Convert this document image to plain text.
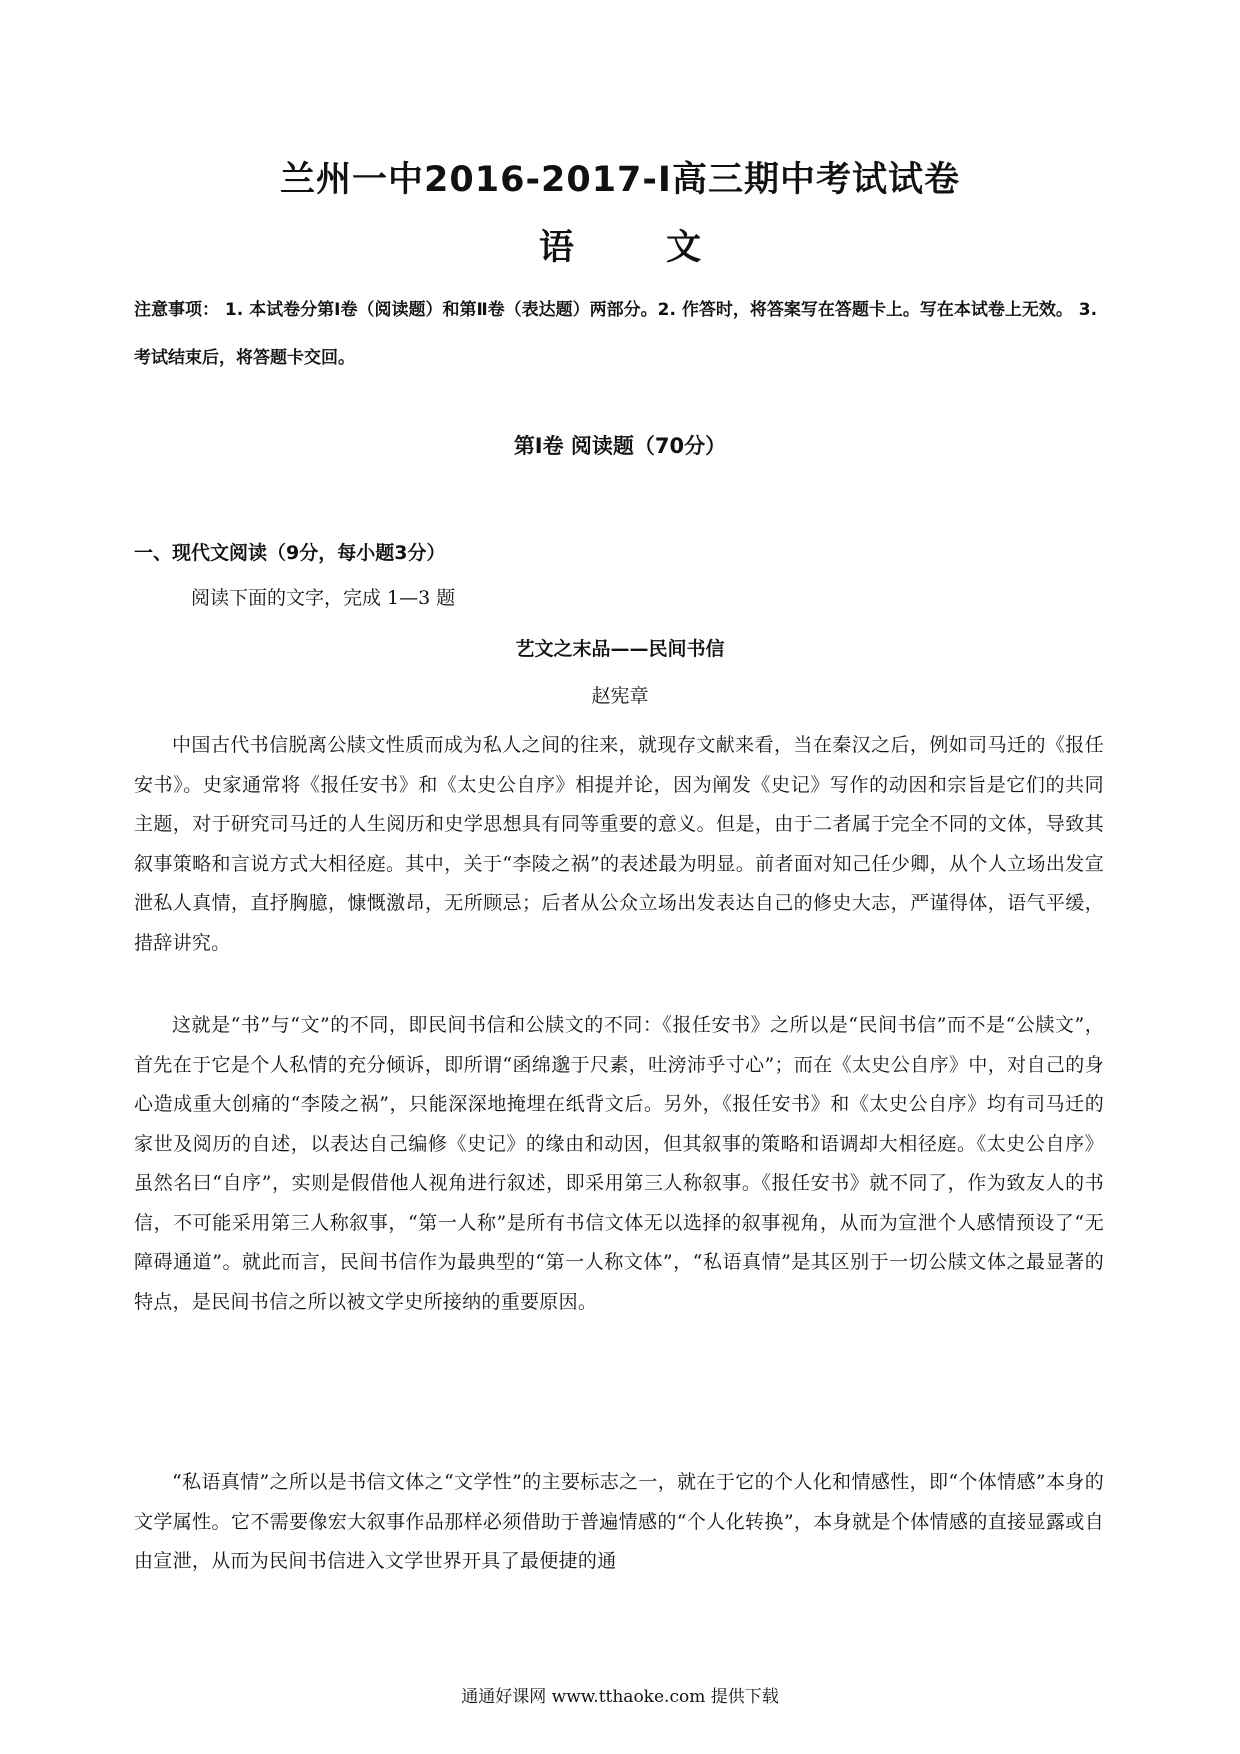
兰州一中2016-2017-Ⅰ高三期中考试试卷
语 文
注意事项： 1. 本试卷分第Ⅰ卷（阅读题）和第Ⅱ卷（表达题）两部分。2. 作答时，将答案写在答题卡上。写在本试卷上无效。 3. 考试结束后，将答题卡交回。
第Ⅰ卷 阅读题（70分）
一、现代文阅读（9分，每小题3分）
阅读下面的文字，完成 1—3 题
艺文之末品——民间书信
赵宪章

中国古代书信脱离公牍文性质而成为私人之间的往来，就现存文献来看，当在秦汉之后，例如司马迁的《报任安书》。史家通常将《报任安书》和《太史公自序》相提并论，因为阐发《史记》写作的动因和宗旨是它们的共同主题，对于研究司马迁的人生阅历和史学思想具有同等重要的意义。但是，由于二者属于完全不同的文体，导致其叙事策略和言说方式大相径庭。其中，关于“李陵之祸”的表述最为明显。前者面对知己任少卿，从个人立场出发宣泄私人真情，直抒胸臆，慷慨激昂，无所顾忌；后者从公众立场出发表达自己的修史大志，严谨得体，语气平缓，措辞讲究。

这就是“书”与“文”的不同，即民间书信和公牍文的不同：《报任安书》之所以是“民间书信”而不是“公牍文”，首先在于它是个人私情的充分倾诉，即所谓“函绵邈于尺素，吐滂沛乎寸心”；而在《太史公自序》中，对自己的身心造成重大创痛的“李陵之祸”，只能深深地掩埋在纸背文后。另外，《报任安书》和《太史公自序》均有司马迁的家世及阅历的自述，以表达自己编修《史记》的缘由和动因，但其叙事的策略和语调却大相径庭。《太史公自序》虽然名曰“自序”，实则是假借他人视角进行叙述，即采用第三人称叙事。《报任安书》就不同了，作为致友人的书信，不可能采用第三人称叙事，“第一人称”是所有书信文体无以选择的叙事视角，从而为宣泄个人感情预设了“无障碍通道”。就此而言，民间书信作为最典型的“第一人称文体”，“私语真情”是其区别于一切公牍文体之最显著的特点，是民间书信之所以被文学史所接纳的重要原因。

“私语真情”之所以是书信文体之“文学性”的主要标志之一，就在于它的个人化和情感性，即“个体情感”本身的文学属性。它不需要像宏大叙事作品那样必须借助于普遍情感的“个人化转换”，本身就是个体情感的直接显露或自由宣泄，从而为民间书信进入文学世界开具了最便捷的通

通通好课网 www.tthaoke.com 提供下载
